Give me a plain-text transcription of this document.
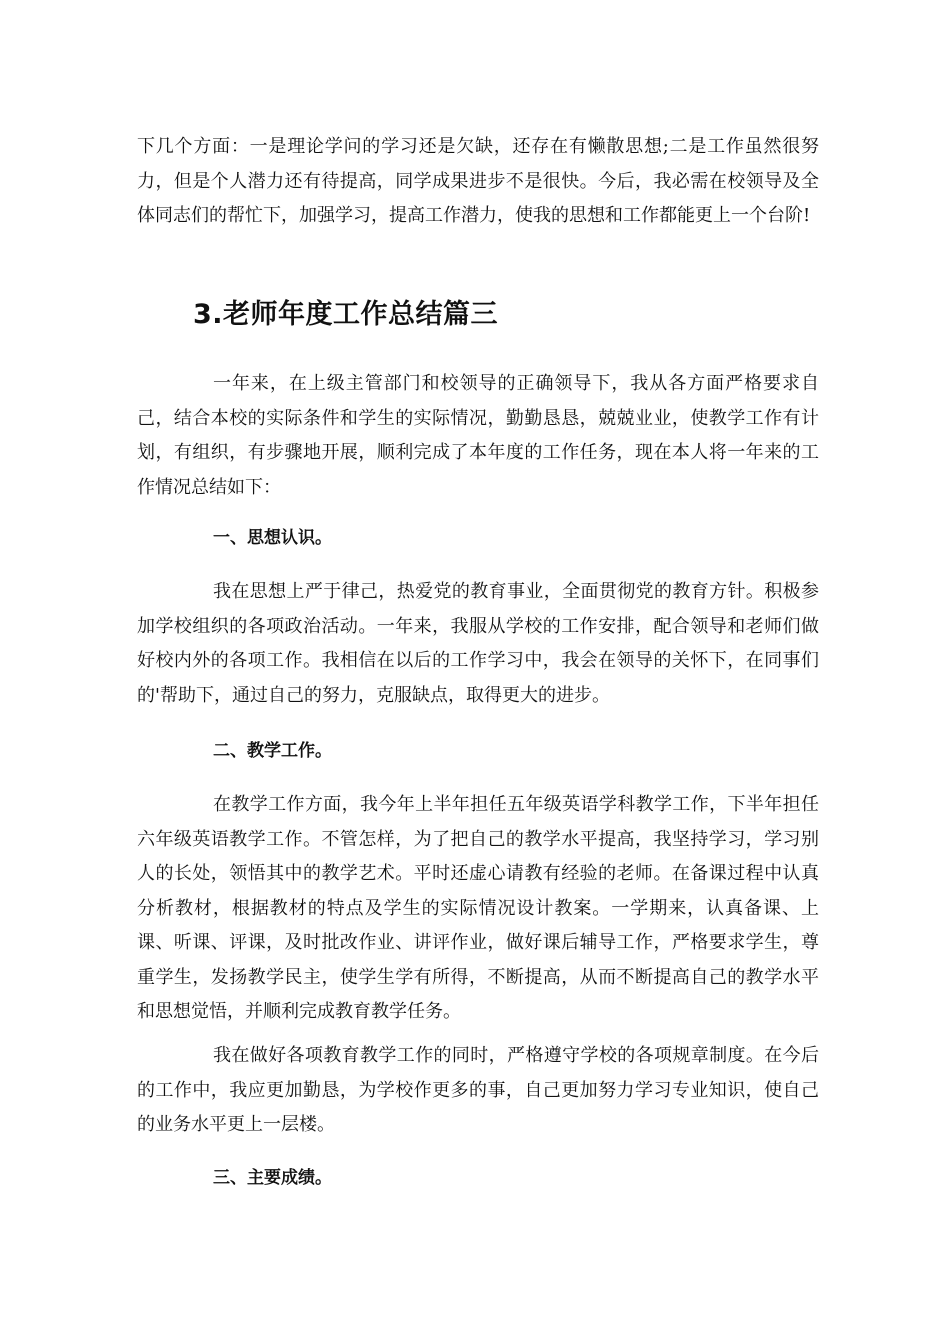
下几个方面：一是理论学问的学习还是欠缺，还存在有懒散思想;二是工作虽然很努力，但是个人潜力还有待提高，同学成果进步不是很快。今后，我必需在校领导及全体同志们的帮忙下，加强学习，提高工作潜力，使我的思想和工作都能更上一个台阶!

3.老师年度工作总结篇三

一年来，在上级主管部门和校领导的正确领导下，我从各方面严格要求自己，结合本校的实际条件和学生的实际情况，勤勤恳恳，兢兢业业，使教学工作有计划，有组织，有步骤地开展，顺利完成了本年度的工作任务，现在本人将一年来的工作情况总结如下：

一、思想认识。

我在思想上严于律己，热爱党的教育事业，全面贯彻党的教育方针。积极参加学校组织的各项政治活动。一年来，我服从学校的工作安排，配合领导和老师们做好校内外的各项工作。我相信在以后的工作学习中，我会在领导的关怀下，在同事们的'帮助下，通过自己的努力，克服缺点，取得更大的进步。

二、教学工作。

在教学工作方面，我今年上半年担任五年级英语学科教学工作，下半年担任六年级英语教学工作。不管怎样，为了把自己的教学水平提高，我坚持学习，学习别人的长处，领悟其中的教学艺术。平时还虚心请教有经验的老师。在备课过程中认真分析教材，根据教材的特点及学生的实际情况设计教案。一学期来，认真备课、上课、听课、评课，及时批改作业、讲评作业，做好课后辅导工作，严格要求学生，尊重学生，发扬教学民主，使学生学有所得，不断提高，从而不断提高自己的教学水平和思想觉悟，并顺利完成教育教学任务。

我在做好各项教育教学工作的同时，严格遵守学校的各项规章制度。在今后的工作中，我应更加勤恳，为学校作更多的事，自己更加努力学习专业知识，使自己的业务水平更上一层楼。

三、主要成绩。
